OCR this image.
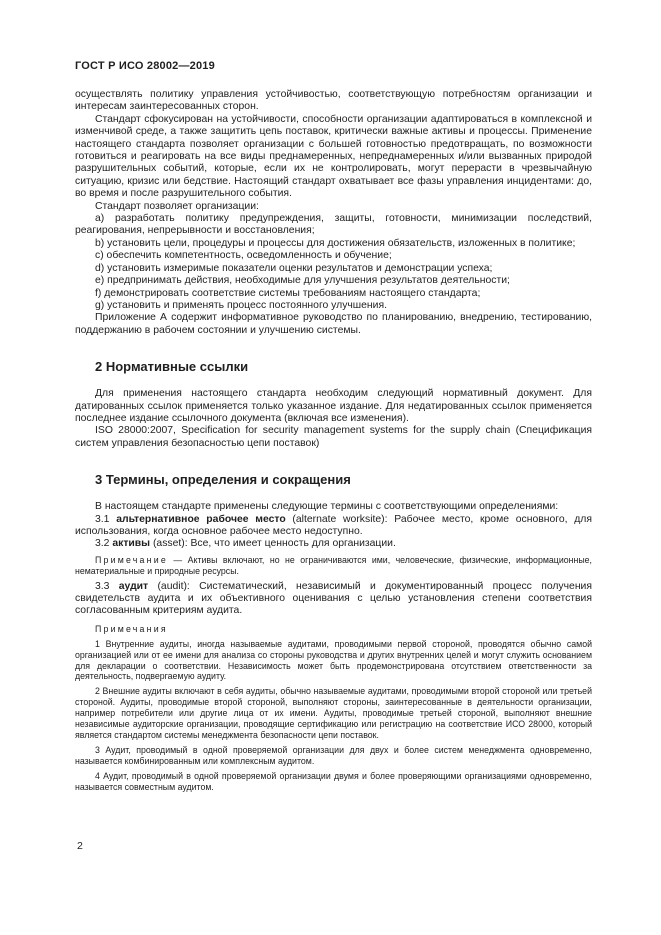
ГОСТ Р ИСО 28002—2019

осуществлять политику управления устойчивостью, соответствующую потребностям организации и интересам заинтересованных сторон.

Стандарт сфокусирован на устойчивости, способности организации адаптироваться в комплексной и изменчивой среде, а также защитить цепь поставок, критически важные активы и процессы. Применение настоящего стандарта позволяет организации с большей готовностью предотвращать, по возможности готовиться и реагировать на все виды преднамеренных, непреднамеренных и/или вызванных природой разрушительных событий, которые, если их не контролировать, могут перерасти в чрезвычайную ситуацию, кризис или бедствие. Настоящий стандарт охватывает все фазы управления инцидентами: до, во время и после разрушительного события.

Стандарт позволяет организации:

a) разработать политику предупреждения, защиты, готовности, минимизации последствий, реагирования, непрерывности и восстановления;

b) установить цели, процедуры и процессы для достижения обязательств, изложенных в политике;

c) обеспечить компетентность, осведомленность и обучение;

d) установить измеримые показатели оценки результатов и демонстрации успеха;

e) предпринимать действия, необходимые для улучшения результатов деятельности;

f) демонстрировать соответствие системы требованиям настоящего стандарта;

g) установить и применять процесс постоянного улучшения.

Приложение А содержит информативное руководство по планированию, внедрению, тестированию, поддержанию в рабочем состоянии и улучшению системы.

2 Нормативные ссылки

Для применения настоящего стандарта необходим следующий нормативный документ. Для датированных ссылок применяется только указанное издание. Для недатированных ссылок применяется последнее издание ссылочного документа (включая все изменения).

ISO 28000:2007, Specification for security management systems for the supply chain (Спецификация систем управления безопасностью цепи поставок)

3 Термины, определения и сокращения

В настоящем стандарте применены следующие термины с соответствующими определениями:

3.1 альтернативное рабочее место (alternate worksite): Рабочее место, кроме основного, для использования, когда основное рабочее место недоступно.

3.2 активы (asset): Все, что имеет ценность для организации.

Примечание — Активы включают, но не ограничиваются ими, человеческие, физические, информационные, нематериальные и природные ресурсы.

3.3 аудит (audit): Систематический, независимый и документированный процесс получения свидетельств аудита и их объективного оценивания с целью установления степени соответствия согласованным критериям аудита.

Примечания

1 Внутренние аудиты, иногда называемые аудитами, проводимыми первой стороной, проводятся обычно самой организацией или от ее имени для анализа со стороны руководства и других внутренних целей и могут служить основанием для декларации о соответствии. Независимость может быть продемонстрирована отсутствием ответственности за деятельность, подвергаемую аудиту.

2 Внешние аудиты включают в себя аудиты, обычно называемые аудитами, проводимыми второй стороной или третьей стороной. Аудиты, проводимые второй стороной, выполняют стороны, заинтересованные в деятельности организации, например потребители или другие лица от их имени. Аудиты, проводимые третьей стороной, выполняют внешние независимые аудиторские организации, проводящие сертификацию или регистрацию на соответствие ИСО 28000, который является стандартом системы менеджмента безопасности цепи поставок.

3 Аудит, проводимый в одной проверяемой организации для двух и более систем менеджмента одновременно, называется комбинированным или комплексным аудитом.

4 Аудит, проводимый в одной проверяемой организации двумя и более проверяющими организациями одновременно, называется совместным аудитом.

2
